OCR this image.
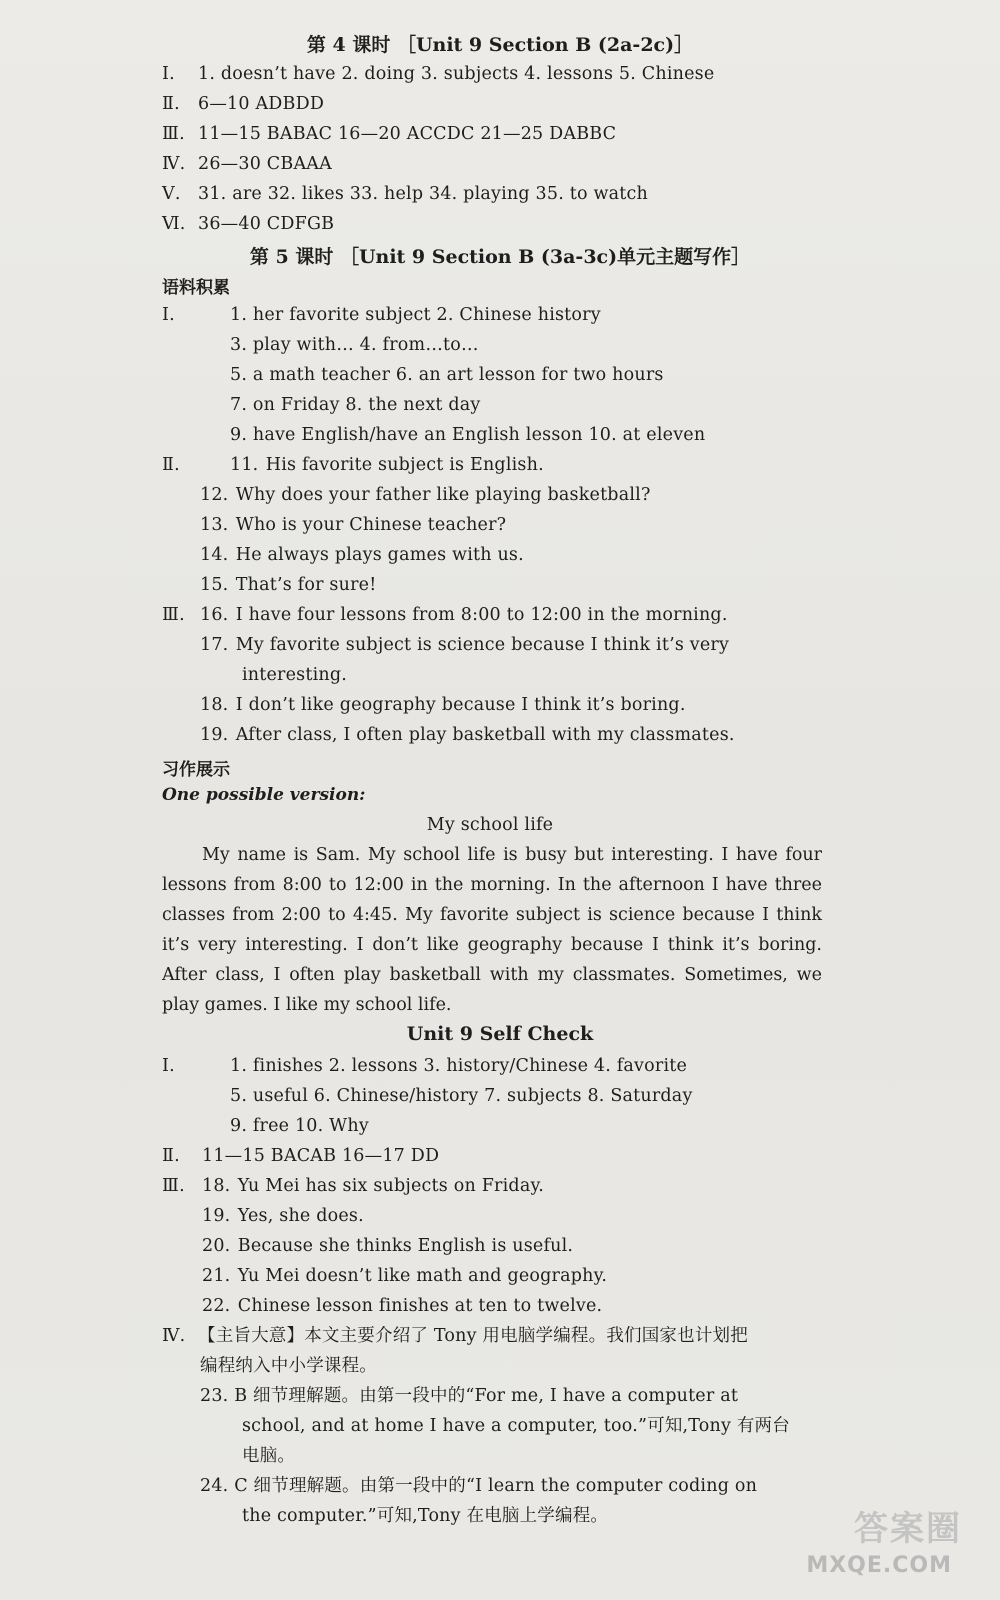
第 4 课时 ［Unit 9 Section B (2a-2c)］
Ⅰ. 1. doesn’t have 2. doing 3. subjects 4. lessons 5. Chinese
Ⅱ. 6—10 ADBDD
Ⅲ. 11—15 BABAC 16—20 ACCDC 21—25 DABBC
Ⅳ. 26—30 CBAAA
Ⅴ. 31. are 32. likes 33. help 34. playing 35. to watch
Ⅵ. 36—40 CDFGB
第 5 课时 ［Unit 9 Section B (3a-3c)单元主题写作］
语料积累
Ⅰ.	1. her favorite subject 2. Chinese history
3. play with… 4. from…to…
5. a math teacher 6. an art lesson for two hours
7. on Friday 8. the next day
9. have English/have an English lesson 10. at eleven
Ⅱ.	11. His favorite subject is English.
12. Why does your father like playing basketball?
13. Who is your Chinese teacher?
14. He always plays games with us.
15. That’s for sure!
Ⅲ. 16. I have four lessons from 8:00 to 12:00 in the morning.
17. My favorite subject is science because I think it’s very
interesting.
18. I don’t like geography because I think it’s boring.
19. After class, I often play basketball with my classmates.
习作展示
One possible version:
My school life
My name is Sam. My school life is busy but interesting. I have four lessons from 8:00 to 12:00 in the morning. In the afternoon I have three classes from 2:00 to 4:45. My favorite subject is science because I think it’s very interesting. I don’t like geography because I think it’s boring. After class, I often play basketball with my classmates. Sometimes, we play games. I like my school life.
Unit 9 Self Check
Ⅰ.	1. finishes 2. lessons 3. history/Chinese 4. favorite
5. useful 6. Chinese/history 7. subjects 8. Saturday
9. free 10. Why
Ⅱ. 11—15 BACAB 16—17 DD
Ⅲ. 18. Yu Mei has six subjects on Friday.
19. Yes, she does.
20. Because she thinks English is useful.
21. Yu Mei doesn’t like math and geography.
22. Chinese lesson finishes at ten to twelve.
Ⅳ. 【主旨大意】本文主要介绍了 Tony 用电脑学编程。我们国家也计划把
编程纳入中小学课程。
23. B 细节理解题。由第一段中的“For me, I have a computer at
school, and at home I have a computer, too.”可知,Tony 有两台
电脑。
24. C 细节理解题。由第一段中的“I learn the computer coding on
the computer.”可知,Tony 在电脑上学编程。	答案圈
MXQE.COM
